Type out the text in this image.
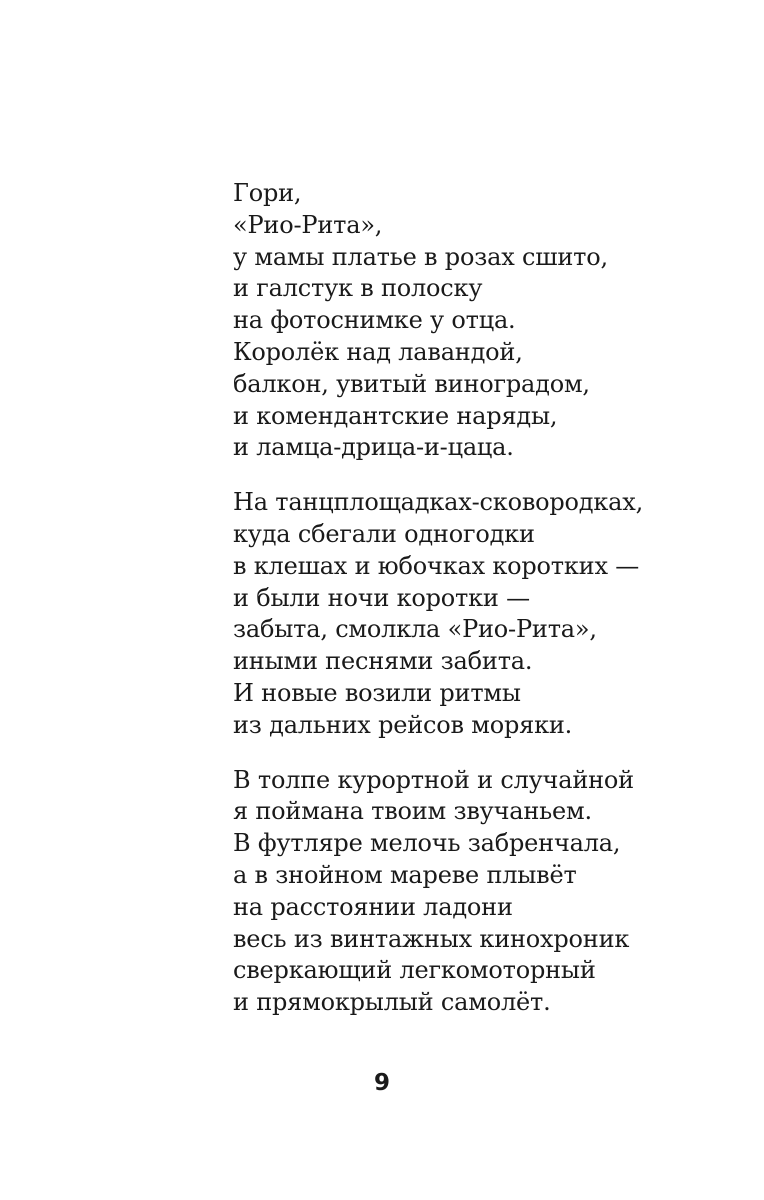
Гори,
«Рио-Рита»,
у мамы платье в розах сшито,
и галстук в полоску
на фотоснимке у отца.
Королёк над лавандой,
балкон, увитый виноградом,
и комендантские наряды,
и ламца-дрица-и-цаца.
На танцплощадках-сковородках,
куда сбегали одногодки
в клешах и юбочках коротких —
и были ночи коротки —
забыта, смолкла «Рио-Рита»,
иными песнями забита.
И новые возили ритмы
из дальних рейсов моряки.
В толпе курортной и случайной
я поймана твоим звучаньем.
В футляре мелочь забренчала,
а в знойном мареве плывёт
на расстоянии ладони
весь из винтажных кинохроник
сверкающий легкомоторный
и прямокрылый самолёт.
9
